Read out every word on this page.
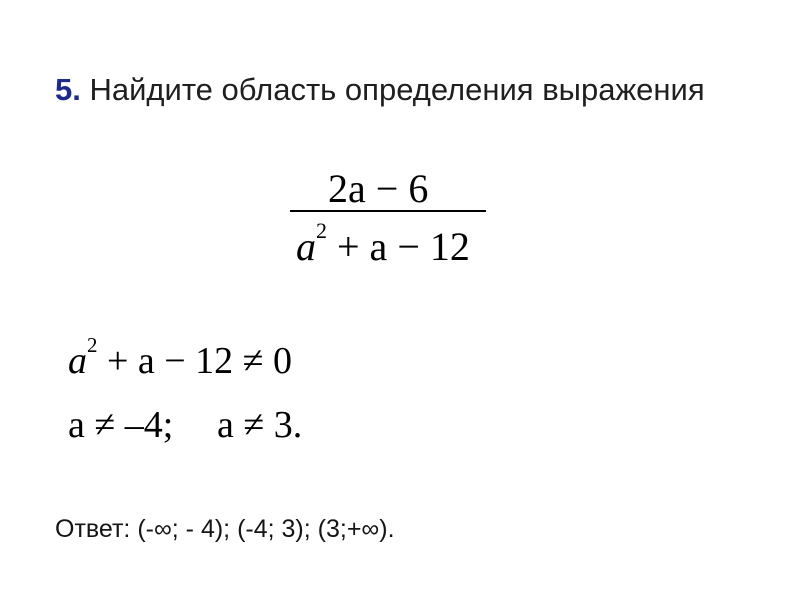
5. Найдите область определения выражения
2a − 6
$a^2 + a - 12$
$a^2 + a - 12 \ne 0$
a ≠ –4; a ≠ 3.
Ответ: (-∞; - 4); (-4; 3); (3;+∞).
